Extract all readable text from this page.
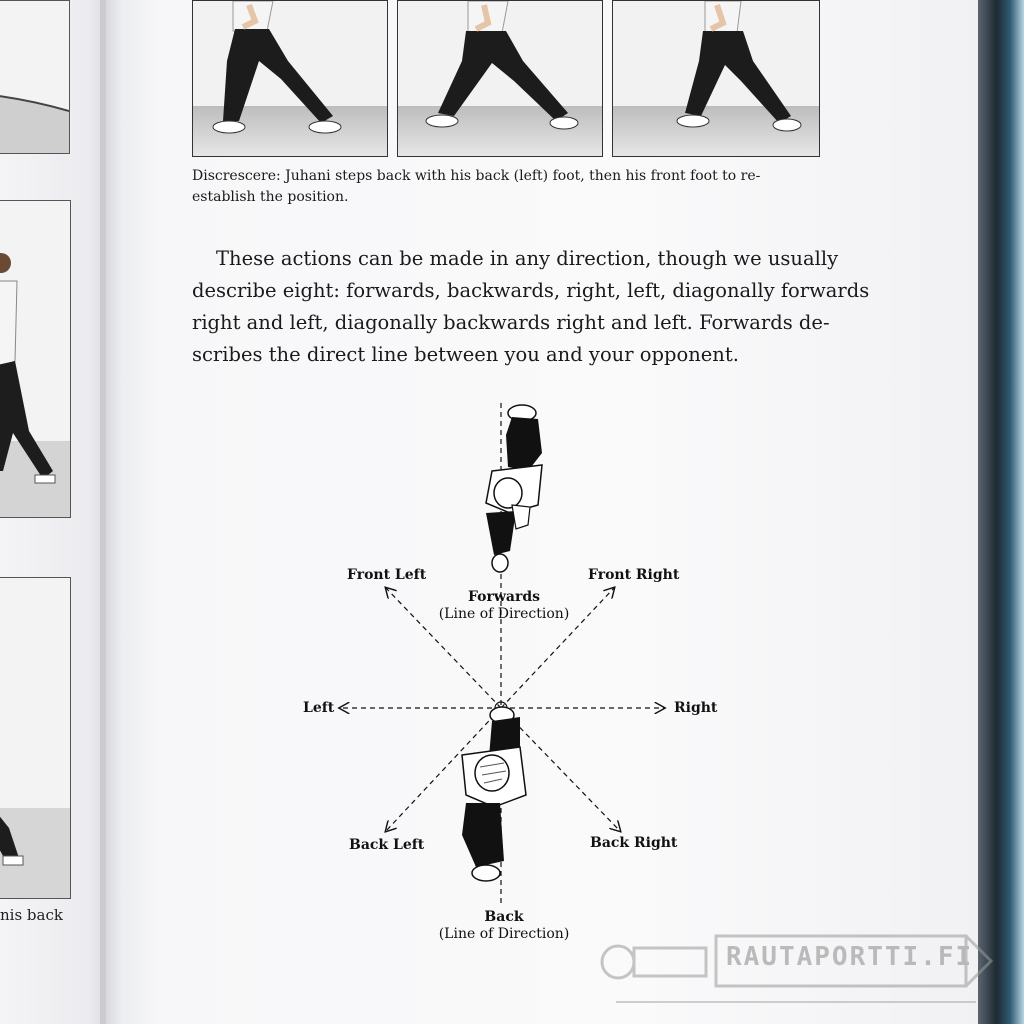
nis back
Discrescere: Juhani steps back with his back (left) foot, then his front foot to re-
establish the position.
These actions can be made in any direction, though we usually
describe eight: forwards, backwards, right, left, diagonally forwards
right and left, diagonally backwards right and left. Forwards de-
scribes the direct line between you and your opponent.
Front Left	Front Right
Forwards
(Line of Direction)
Left	Right
Back Left	Back Right
Back
(Line of Direction)
RAUTAPORTTI.FI
